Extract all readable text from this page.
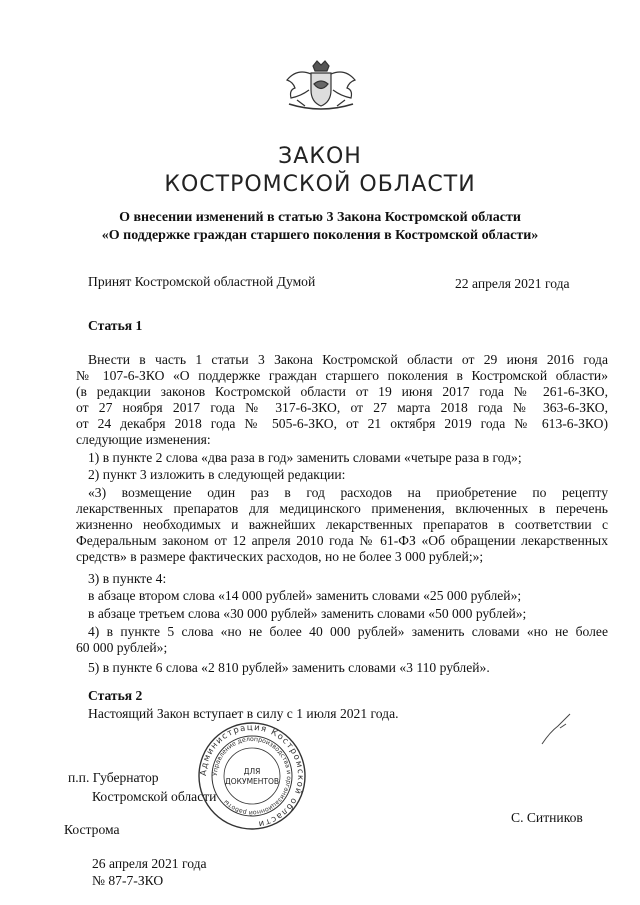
ЗАКОН
КОСТРОМСКОЙ ОБЛАСТИ
О внесении изменений в статью 3 Закона Костромской области
«О поддержке граждан старшего поколения в Костромской области»
Принят Костромской областной Думой	22 апреля 2021 года
Статья 1
Внести в часть 1 статьи 3 Закона Костромской области от 29 июня 2016 года
№ 107-6-ЗКО «О поддержке граждан старшего поколения в Костромской области»
(в редакции законов Костромской области от 19 июня 2017 года № 261-6-ЗКО,
от 27 ноября 2017 года № 317-6-ЗКО, от 27 марта 2018 года № 363-6-ЗКО,
от 24 декабря 2018 года № 505-6-ЗКО, от 21 октября 2019 года № 613-6-ЗКО)
следующие изменения:
1) в пункте 2 слова «два раза в год» заменить словами «четыре раза в год»;
2) пункт 3 изложить в следующей редакции:
«3) возмещение один раз в год расходов на приобретение по рецепту
лекарственных препаратов для медицинского применения, включенных в перечень
жизненно необходимых и важнейших лекарственных препаратов в соответствии с
Федеральным законом от 12 апреля 2010 года № 61-ФЗ «Об обращении лекарственных
средств» в размере фактических расходов, но не более 3 000 рублей;»;
3) в пункте 4:
в абзаце втором слова «14 000 рублей» заменить словами «25 000 рублей»;
в абзаце третьем слова «30 000 рублей» заменить словами «50 000 рублей»;
4) в пункте 5 слова «но не более 40 000 рублей» заменить словами «но не более
60 000 рублей»;
5) в пункте 6 слова «2 810 рублей» заменить словами «3 110 рублей».
Статья 2
Настоящий Закон вступает в силу с 1 июля 2021 года.
п.п. Губернатор
Костромской области
Администрация Костромской области
Управление делопроизводства и организационной работы
ДЛЯ
ДОКУМЕНТОВ
С. Ситников
Кострома
26 апреля 2021 года
№ 87-7-ЗКО
